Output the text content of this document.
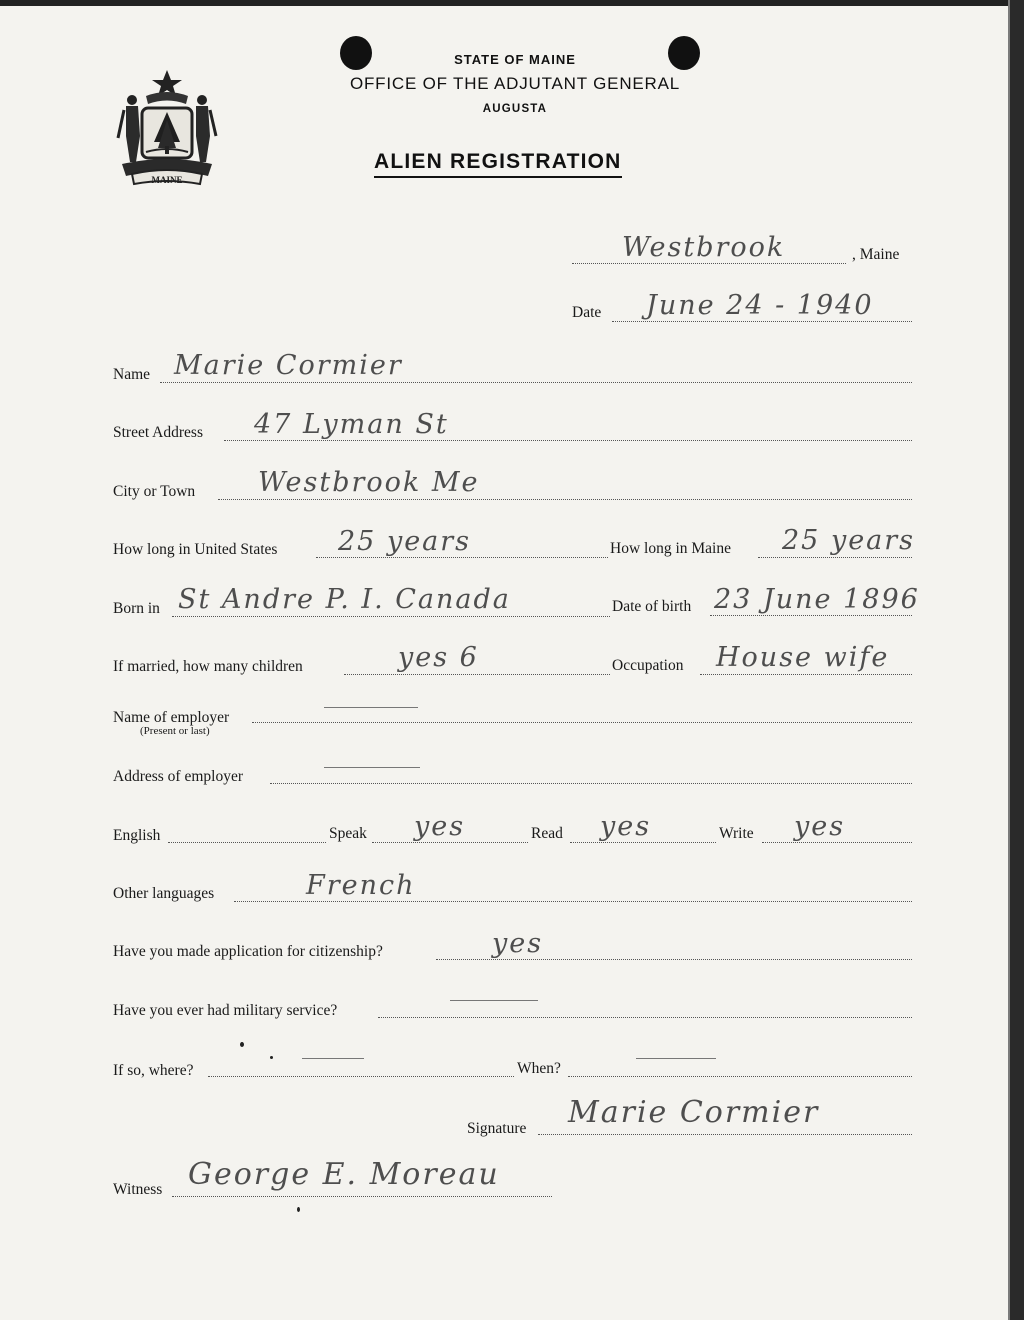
MAINE
STATE OF MAINE
OFFICE OF THE ADJUTANT GENERAL
AUGUSTA
ALIEN REGISTRATION
Westbrook	, Maine
Date June 24 - 1940
Name Marie Cormier
Street Address 47 Lyman St
City or Town Westbrook Me
How long in United States 25 years	How long in Maine 25 years
Born in St Andre P. I. Canada	Date of birth 23 June 1896
If married, how many children	yes 6	Occupation House wife
Name of employer
(Present or last)
Address of employer
English	Speak yes	Read yes	Write yes
Other languages	French
Have you made application for citizenship?	yes
Have you ever had military service?
If so, where?	When?
Signature Marie Cormier
Witness George E. Moreau
